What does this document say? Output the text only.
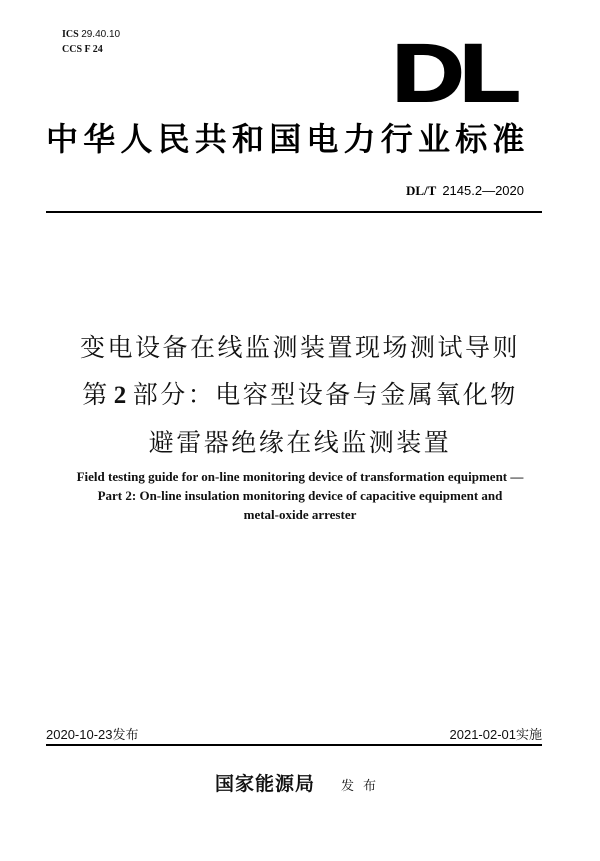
ICS 29.40.10
CCS F 24	DL
中华人民共和国电力行业标准
DL/T 2145.2—2020
变电设备在线监测装置现场测试导则
第 2 部分：电容型设备与金属氧化物
避雷器绝缘在线监测装置
Field testing guide for on-line monitoring device of transformation equipment —
Part 2: On-line insulation monitoring device of capacitive equipment and
metal-oxide arrester
2020-10-23发布	2021-02-01实施
国家能源局 发布
